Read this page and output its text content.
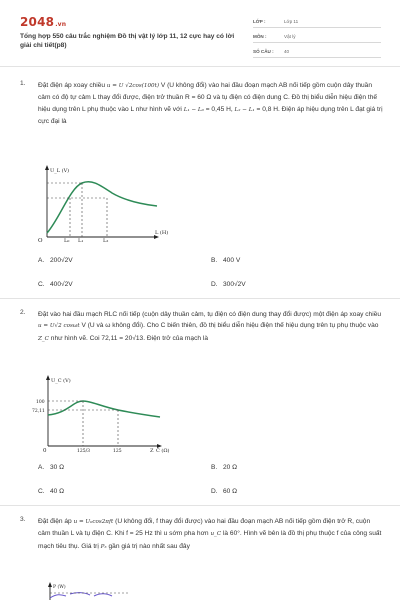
2048.vn
Tổng hợp 550 câu trắc nghiệm Đồ thị vật lý lớp 11, 12 cực hay có lời giải chi tiết(p8)
LỚP :	Lớp 11
MÔN :	Vật lý
SỐ CÂU :	40
1. Đặt điện áp xoay chiều u = U √2cos(100t) V (U không đổi) vào hai đầu đoạn mạch AB nối tiếp gồm cuộn dây thuần cảm có độ tự cảm L thay đổi được, điện trở thuần R = 60 Ω và tụ điện có điện dung C. Đồ thị biểu diễn hiệu điện thế hiệu dụng trên L phụ thuộc vào L như hình vẽ với L₁ − L₀ = 0,45 H, L₂ − L₁ = 0,8 H. Điện áp hiệu dụng trên L đạt giá trị cực đại là
U_L (V)
L (H)
O	L₀ L₁	L₂
A. 200√2V	B. 400 V
C. 400√2V	D. 300√2V
2. Đặt vào hai đầu mạch RLC nối tiếp (cuộn dây thuần cảm, tụ điện có điện dung thay đổi được) một điện áp xoay chiều u = U√2 cosωt V (U và ω không đổi). Cho C biến thiên, đồ thị biểu diễn hiệu điện thế hiệu dụng trên tụ phụ thuộc vào Z_C như hình vẽ. Coi 72,11 = 20√13. Điện trở của mạch là
U_C (V)
Z_C (Ω)
0
100
72,11
125/3	125
A. 30 Ω	B. 20 Ω
C. 40 Ω	D. 60 Ω
3. Đặt điện áp u = U₀cos2πft (U không đổi, f thay đổi được) vào hai đầu đoạn mạch AB nối tiếp gồm điện trở R, cuộn cảm thuần L và tụ điện C. Khi f = 25 Hz thì u sớm pha hơn u_C là 60°. Hình vẽ bên là đồ thị phụ thuộc f của công suất mạch tiêu thụ. Giá trị P₃ gần giá trị nào nhất sau đây
P (W)
